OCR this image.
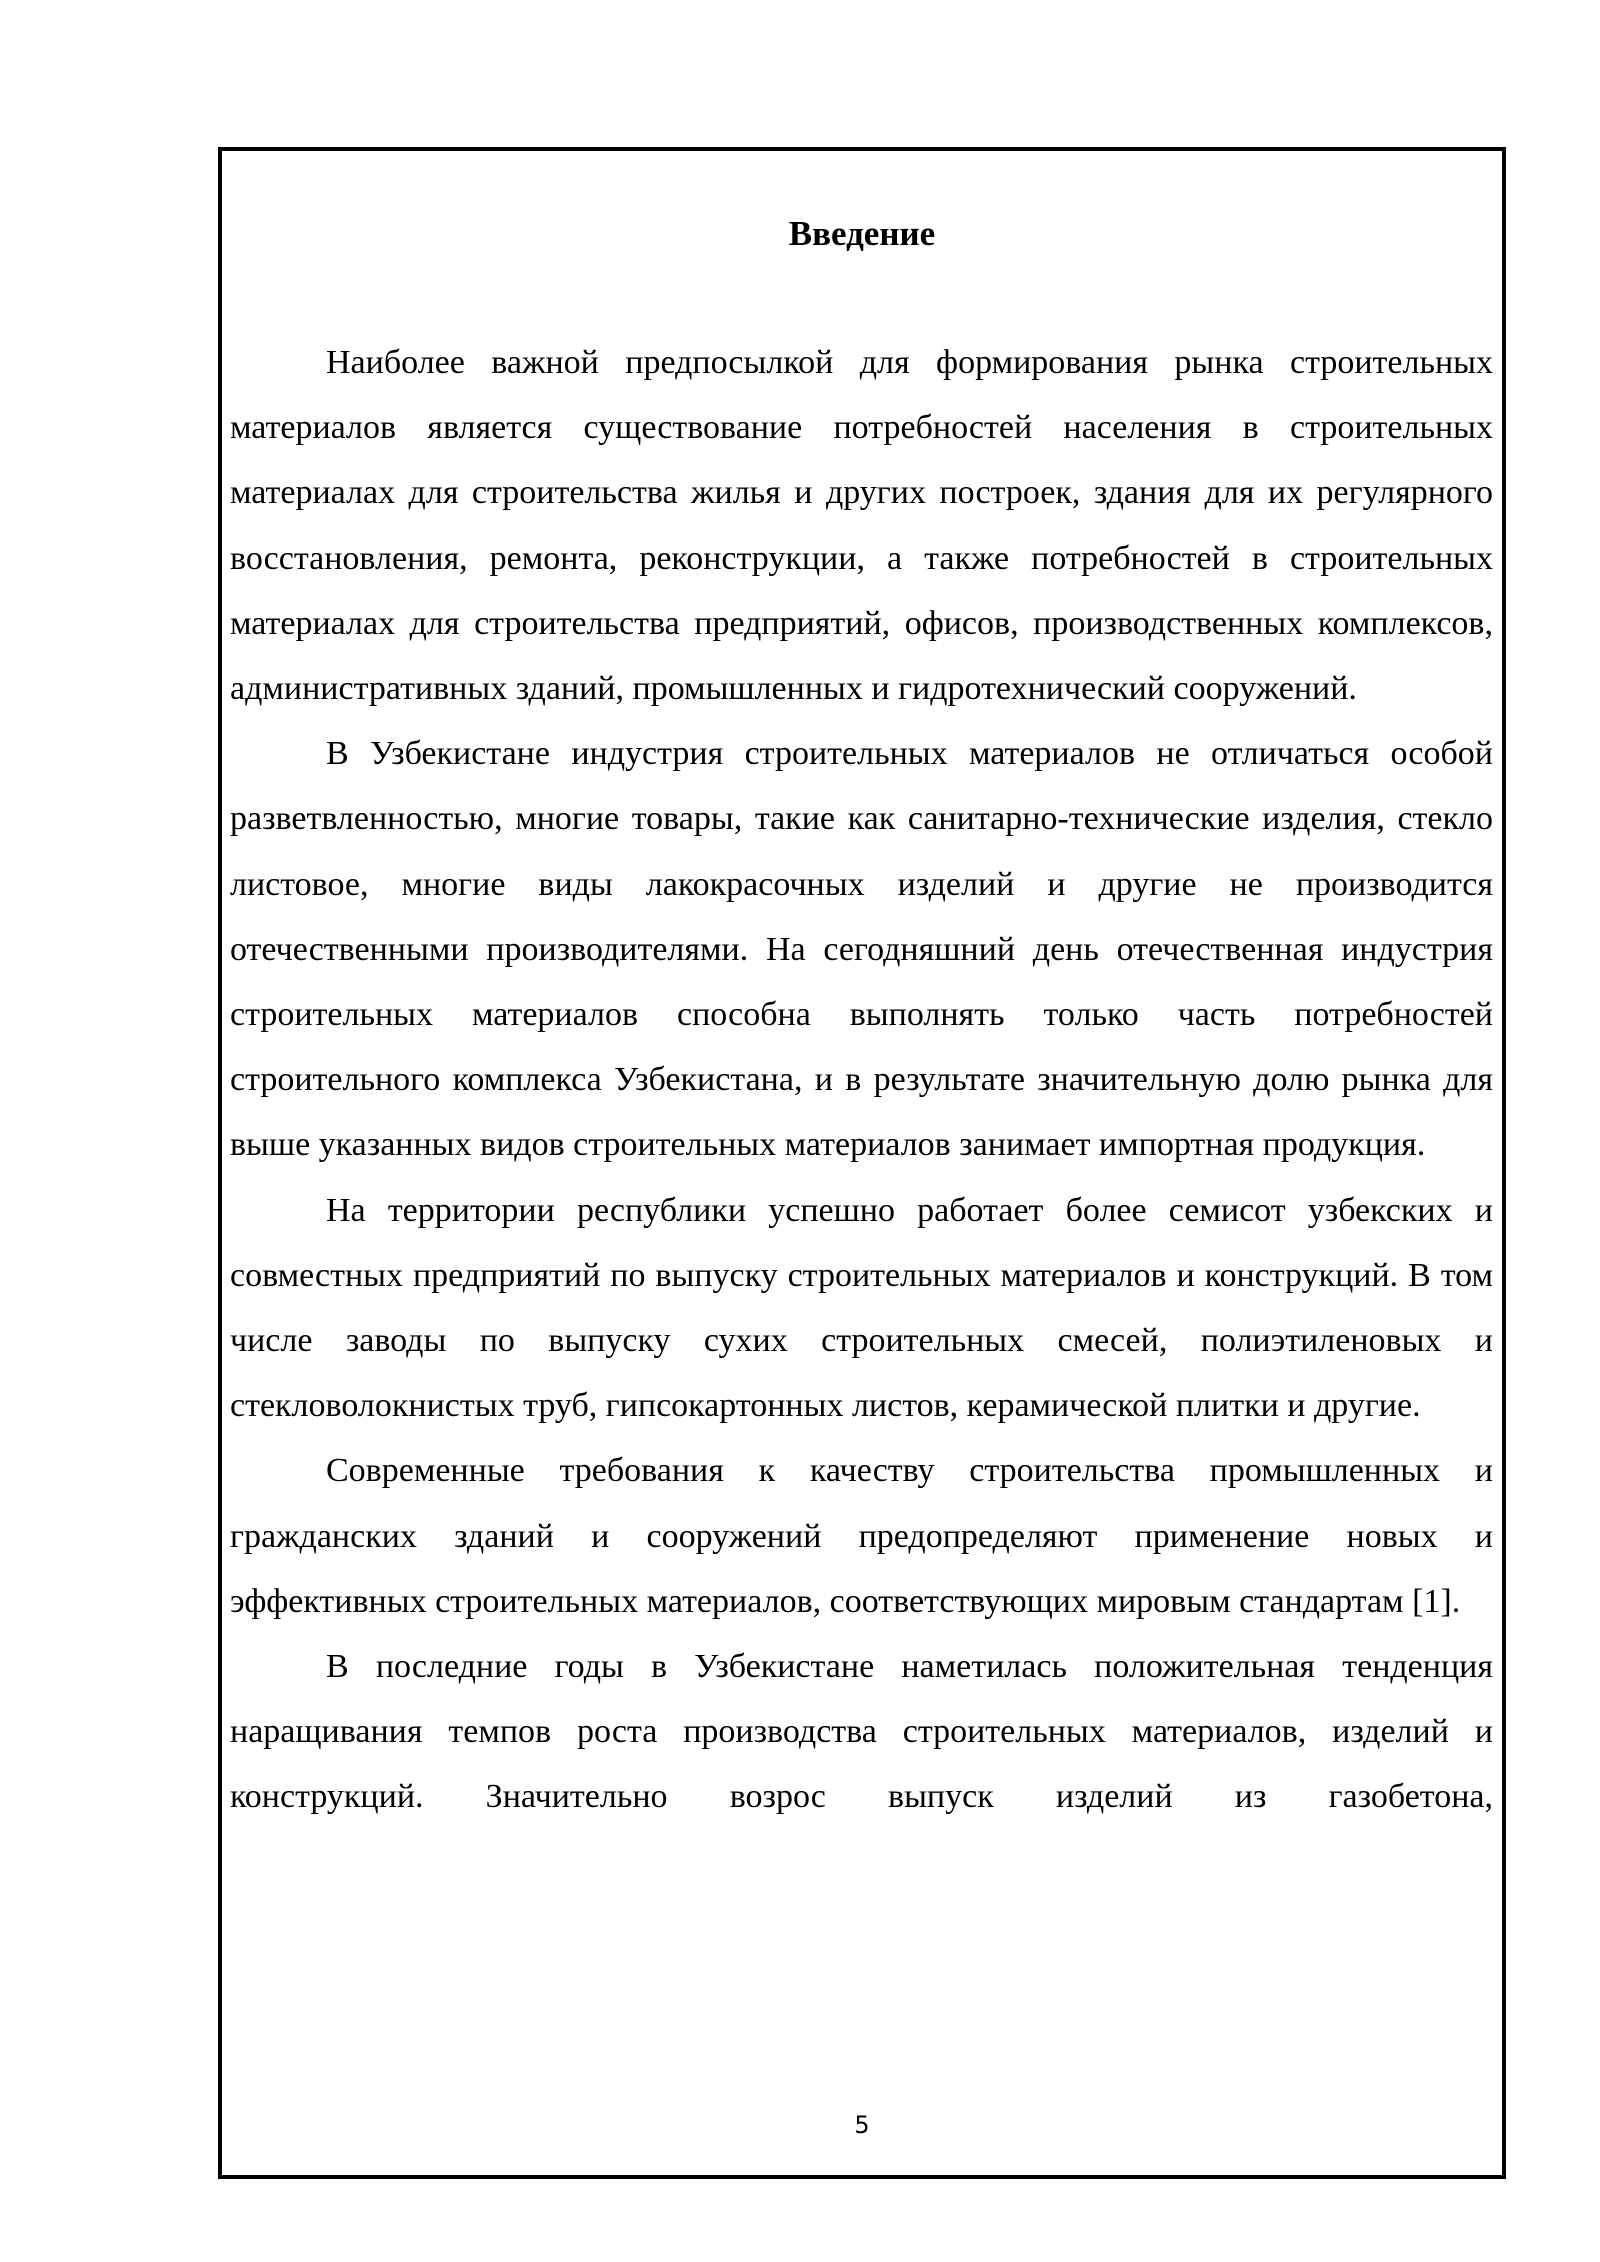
Введение

Наиболее важной предпосылкой для формирования рынка строительных материалов является существование потребностей населения в строительных материалах для строительства жилья и других построек, здания для их регулярного восстановления, ремонта, реконструкции, а также потребностей в строительных материалах для строительства предприятий, офисов, производственных комплексов, административных зданий, промышленных и гидротехнический сооружений.

В Узбекистане индустрия строительных материалов не отличаться особой разветвленностью, многие товары, такие как санитарно-технические изделия, стекло листовое, многие виды лакокрасочных изделий и другие не производится отечественными производителями. На сегодняшний день отечественная индустрия строительных материалов способна выполнять только часть потребностей строительного комплекса Узбекистана, и в результате значительную долю рынка для выше указанных видов строительных материалов занимает импортная продукция.

На территории республики успешно работает более семисот узбекских и совместных предприятий по выпуску строительных материалов и конструкций. В том числе заводы по выпуску сухих строительных смесей, полиэтиленовых и стекловолокнистых труб, гипсокартонных листов, керамической плитки и другие.

Современные требования к качеству строительства промышленных и гражданских зданий и сооружений предопределяют применение новых и эффективных строительных материалов, соответствующих мировым стандартам [1].

В последние годы в Узбекистане наметилась положительная тенденция наращивания темпов роста производства строительных материалов, изделий и конструкций. Значительно возрос выпуск изделий из газобетона,

5
